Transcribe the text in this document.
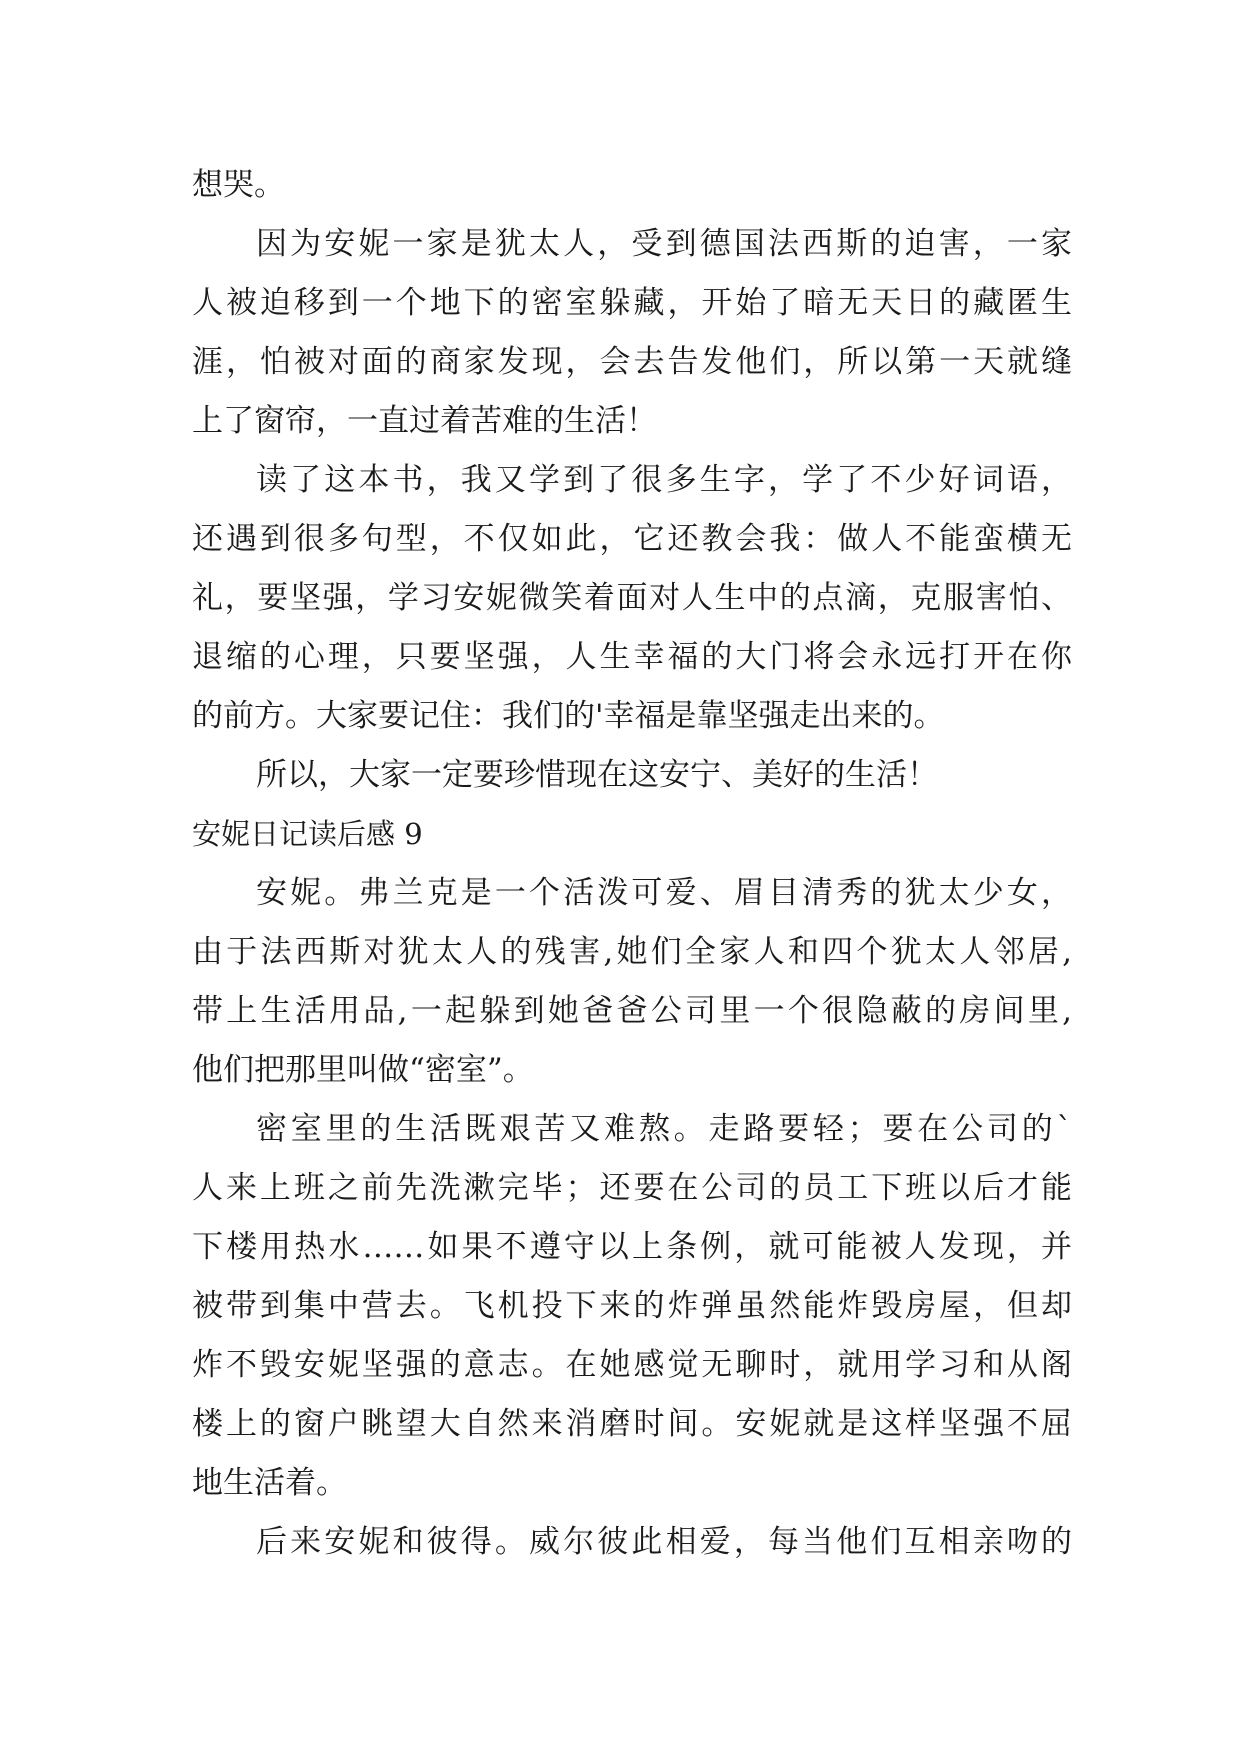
想哭。
因为安妮一家是犹太人，受到德国法西斯的迫害，一家
人被迫移到一个地下的密室躲藏，开始了暗无天日的藏匿生
涯，怕被对面的商家发现，会去告发他们，所以第一天就缝
上了窗帘，一直过着苦难的生活！
读了这本书，我又学到了很多生字，学了不少好词语，
还遇到很多句型，不仅如此，它还教会我：做人不能蛮横无
礼，要坚强，学习安妮微笑着面对人生中的点滴，克服害怕、
退缩的心理，只要坚强，人生幸福的大门将会永远打开在你
的前方。大家要记住：我们的'幸福是靠坚强走出来的。
所以，大家一定要珍惜现在这安宁、美好的生活！
安妮日记读后感 9
安妮。弗兰克是一个活泼可爱、眉目清秀的犹太少女，
由于法西斯对犹太人的残害,她们全家人和四个犹太人邻居,
带上生活用品,一起躲到她爸爸公司里一个很隐蔽的房间里,
他们把那里叫做“密室”。
密室里的生活既艰苦又难熬。走路要轻；要在公司的`
人来上班之前先洗漱完毕；还要在公司的员工下班以后才能
下楼用热水……如果不遵守以上条例，就可能被人发现，并
被带到集中营去。飞机投下来的炸弹虽然能炸毁房屋，但却
炸不毁安妮坚强的意志。在她感觉无聊时，就用学习和从阁
楼上的窗户眺望大自然来消磨时间。安妮就是这样坚强不屈
地生活着。
后来安妮和彼得。威尔彼此相爱，每当他们互相亲吻的
